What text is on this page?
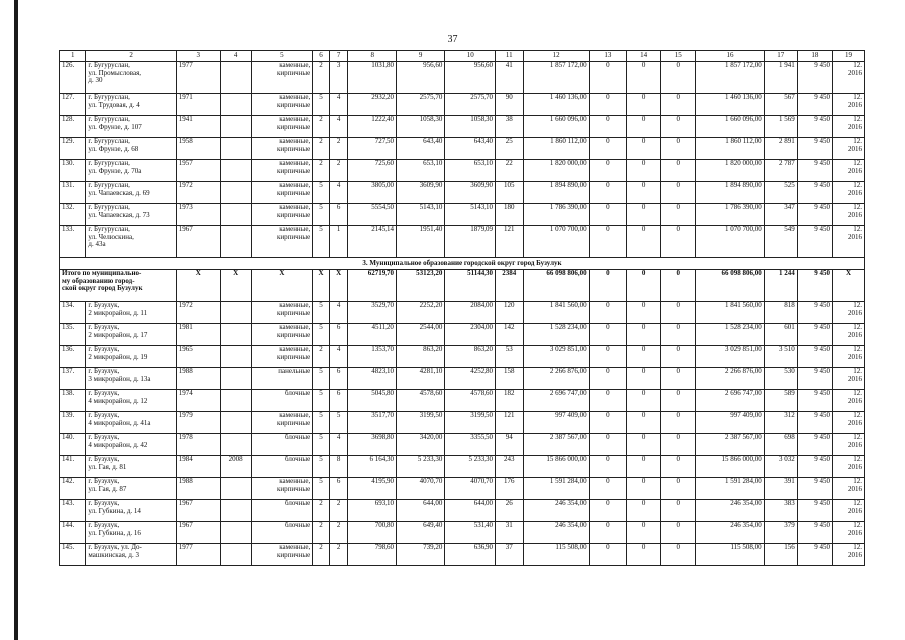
37
1	2	3	4	5	6	7	8	9	10	11	12	13	14	15	16	17	18	19
126.	г. Бугуруслан,
ул. Промысловая,
д. 30	1977		каменные,
кирпичные	2	3	1031,80	956,60	956,60	41	1 857 172,00	0	0	0	1 857 172,00	1 941	9 450	12.
2016

127.	г. Бугуруслан,
ул. Трудовая, д. 4	1971		каменные,
кирпичные	5	4	2932,20	2575,70	2575,70	90	1 460 136,00	0	0	0	1 460 136,00	567	9 450	12.
2016

128.	г. Бугуруслан,
ул. Фрунзе, д. 107	1941		каменные,
кирпичные	2	4	1222,40	1058,30	1058,30	38	1 660 096,00	0	0	0	1 660 096,00	1 569	9 450	12.
2016

129.	г. Бугуруслан,
ул. Фрунзе, д. 68	1958		каменные,
кирпичные	2	2	727,50	643,40	643,40	25	1 860 112,00	0	0	0	1 860 112,00	2 891	9 450	12.
2016

130.	г. Бугуруслан,
ул. Фрунзе, д. 70а	1957		каменные,
кирпичные	2	2	725,60	653,10	653,10	22	1 820 000,00	0	0	0	1 820 000,00	2 787	9 450	12.
2016

131.	г. Бугуруслан,
ул. Чапаевская, д. 69	1972		каменные,
кирпичные	5	4	3805,00	3609,90	3609,90	105	1 894 890,00	0	0	0	1 894 890,00	525	9 450	12.
2016

132.	г. Бугуруслан,
ул. Чапаевская, д. 73	1973		каменные,
кирпичные	5	6	5554,50	5143,10	5143,10	180	1 786 390,00	0	0	0	1 786 390,00	347	9 450	12.
2016

133.	г. Бугуруслан,
ул. Челюскина,
д. 43а	1967		каменные,
кирпичные	5	1	2145,14	1951,40	1879,09	121	1 070 700,00	0	0	0	1 070 700,00	549	9 450	12.
2016

3. Муниципальное образование городской округ город Бузулук																		

Итого по муниципально-
му образованию город-
ской округ город Бузулук		X	X	X	X	X	62719,70	53123,20	51144,30	2384	66 098 806,00	0	0	0	66 098 806,00	1 244	9 450	X
134.	г. Бузулук,
2 микрорайон, д. 11	1972		каменные,
кирпичные	5	4	3529,70	2252,20	2084,00	120	1 841 560,00	0	0	0	1 841 560,00	818	9 450	12.
2016

135.	г. Бузулук,
2 микрорайон, д. 17	1981		каменные,
кирпичные	5	6	4511,20	2544,00	2304,00	142	1 528 234,00	0	0	0	1 528 234,00	601	9 450	12.
2016

136.	г. Бузулук,
2 микрорайон, д. 19	1965		каменные,
кирпичные	2	4	1353,70	863,20	863,20	53	3 029 851,00	0	0	0	3 029 851,00	3 510	9 450	12.
2016

137.	г. Бузулук,
3 микрорайон, д. 13а	1988		панельные	5	6	4823,10	4281,10	4252,80	158	2 266 876,00	0	0	0	2 266 876,00	530	9 450	12.
2016

138.	г. Бузулук,
4 микрорайон, д. 12	1974		блочные	5	6	5045,80	4578,60	4578,60	182	2 696 747,00	0	0	0	2 696 747,00	589	9 450	12.
2016

139.	г. Бузулук,
4 микрорайон, д. 41а	1979		каменные,
кирпичные	5	5	3517,70	3199,50	3199,50	121	997 409,00	0	0	0	997 409,00	312	9 450	12.
2016

140.	г. Бузулук,
4 микрорайон, д. 42	1978		блочные	5	4	3698,80	3420,00	3355,50	94	2 387 567,00	0	0	0	2 387 567,00	698	9 450	12.
2016

141.	г. Бузулук,
ул. Гая, д. 81	1984	2008	блочные	5	8	6 164,30	5 233,30	5 233,30	243	15 866 000,00	0	0	0	15 866 000,00	3 032	9 450	12.
2016

142.	г. Бузулук,
ул. Гая, д. 87	1988		каменные,
кирпичные	5	6	4195,90	4070,70	4070,70	176	1 591 284,00	0	0	0	1 591 284,00	391	9 450	12.
2016

143.	г. Бузулук,
ул. Губкина, д. 14	1967		блочные	2	2	693,10	644,00	644,00	26	246 354,00	0	0	0	246 354,00	383	9 450	12.
2016

144.	г. Бузулук,
ул. Губкина, д. 16	1967		блочные	2	2	700,80	649,40	531,40	31	246 354,00	0	0	0	246 354,00	379	9 450	12.
2016

145.	г. Бузулук, ул. До-
машкинская, д. 3	1977		каменные,
кирпичные	2	2	798,60	739,20	636,90	37	115 508,00	0	0	0	115 508,00	156	9 450	12.
2016
